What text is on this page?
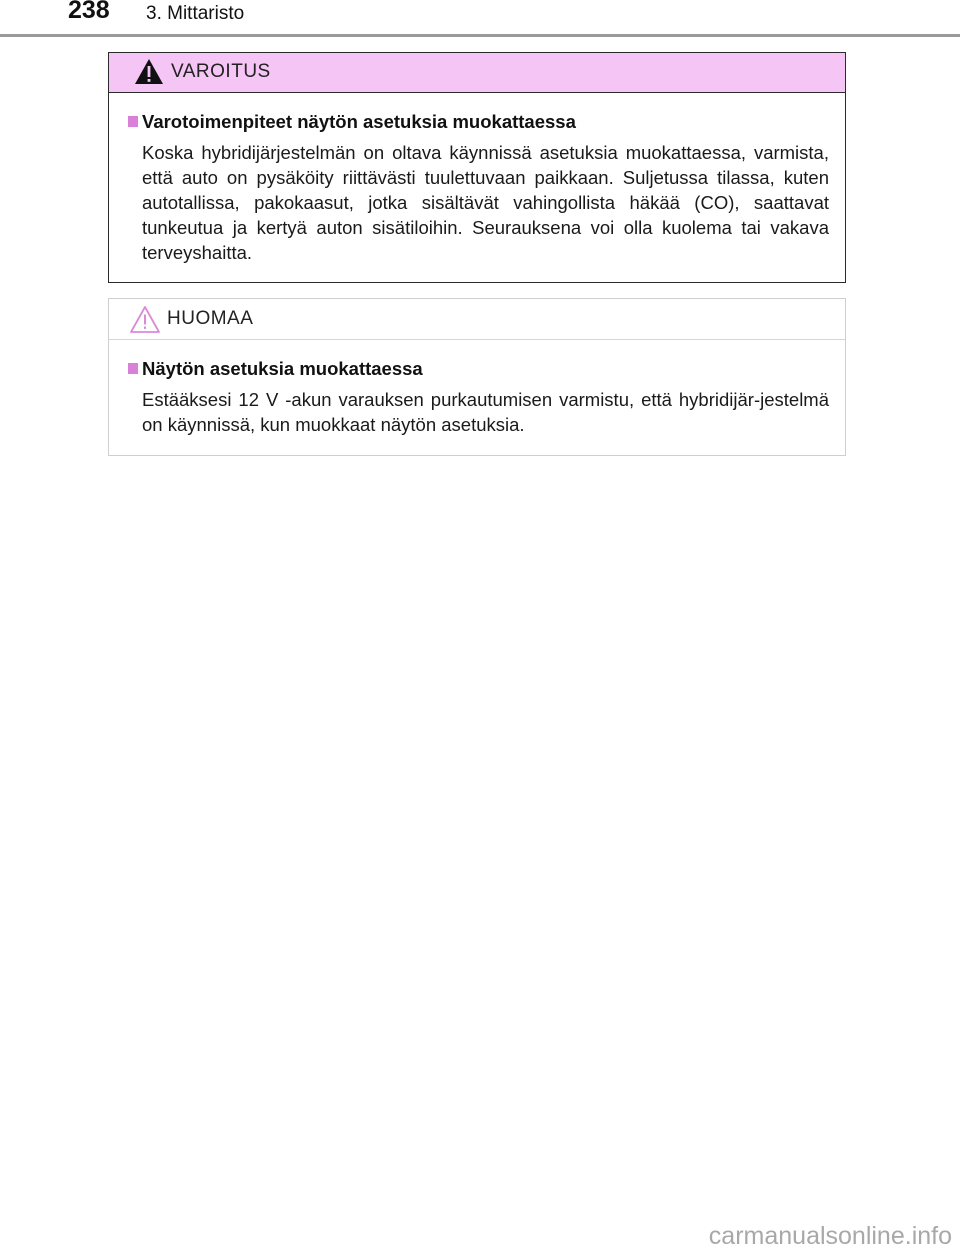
238 3. Mittaristo
VAROITUS
Varotoimenpiteet näytön asetuksia muokattaessa
Koska hybridijärjestelmän on oltava käynnissä asetuksia muokattaessa, varmista, että auto on pysäköity riittävästi tuulettuvaan paikkaan. Suljetussa tilassa, kuten autotallissa, pakokaasut, jotka sisältävät vahingollista häkää (CO), saattavat tunkeutua ja kertyä auton sisätiloihin. Seurauksena voi olla kuolema tai vakava terveyshaitta.
HUOMAA
Näytön asetuksia muokattaessa
Estääksesi 12 V -akun varauksen purkautumisen varmistu, että hybridijär-jestelmä on käynnissä, kun muokkaat näytön asetuksia.
carmanualsonline.info
